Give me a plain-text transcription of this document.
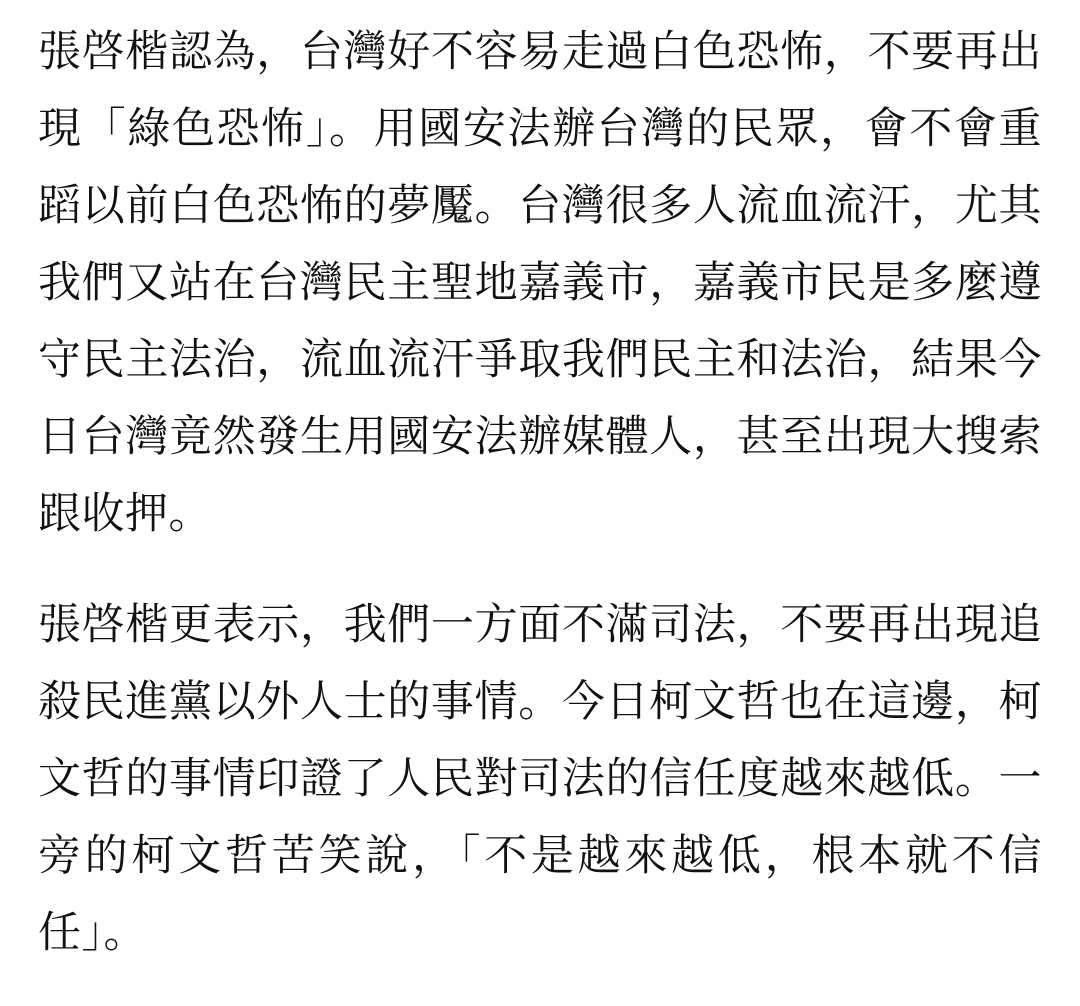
張啓楷認為，台灣好不容易走過白色恐怖，不要再出現「綠色恐怖」。用國安法辦台灣的民眾，會不會重蹈以前白色恐怖的夢魘。台灣很多人流血流汗，尤其我們又站在台灣民主聖地嘉義市，嘉義市民是多麼遵守民主法治，流血流汗爭取我們民主和法治，結果今日台灣竟然發生用國安法辦媒體人，甚至出現大搜索跟收押。

張啓楷更表示，我們一方面不滿司法，不要再出現追殺民進黨以外人士的事情。今日柯文哲也在這邊，柯文哲的事情印證了人民對司法的信任度越來越低。一旁的柯文哲苦笑說，「不是越來越低，根本就不信任」。
